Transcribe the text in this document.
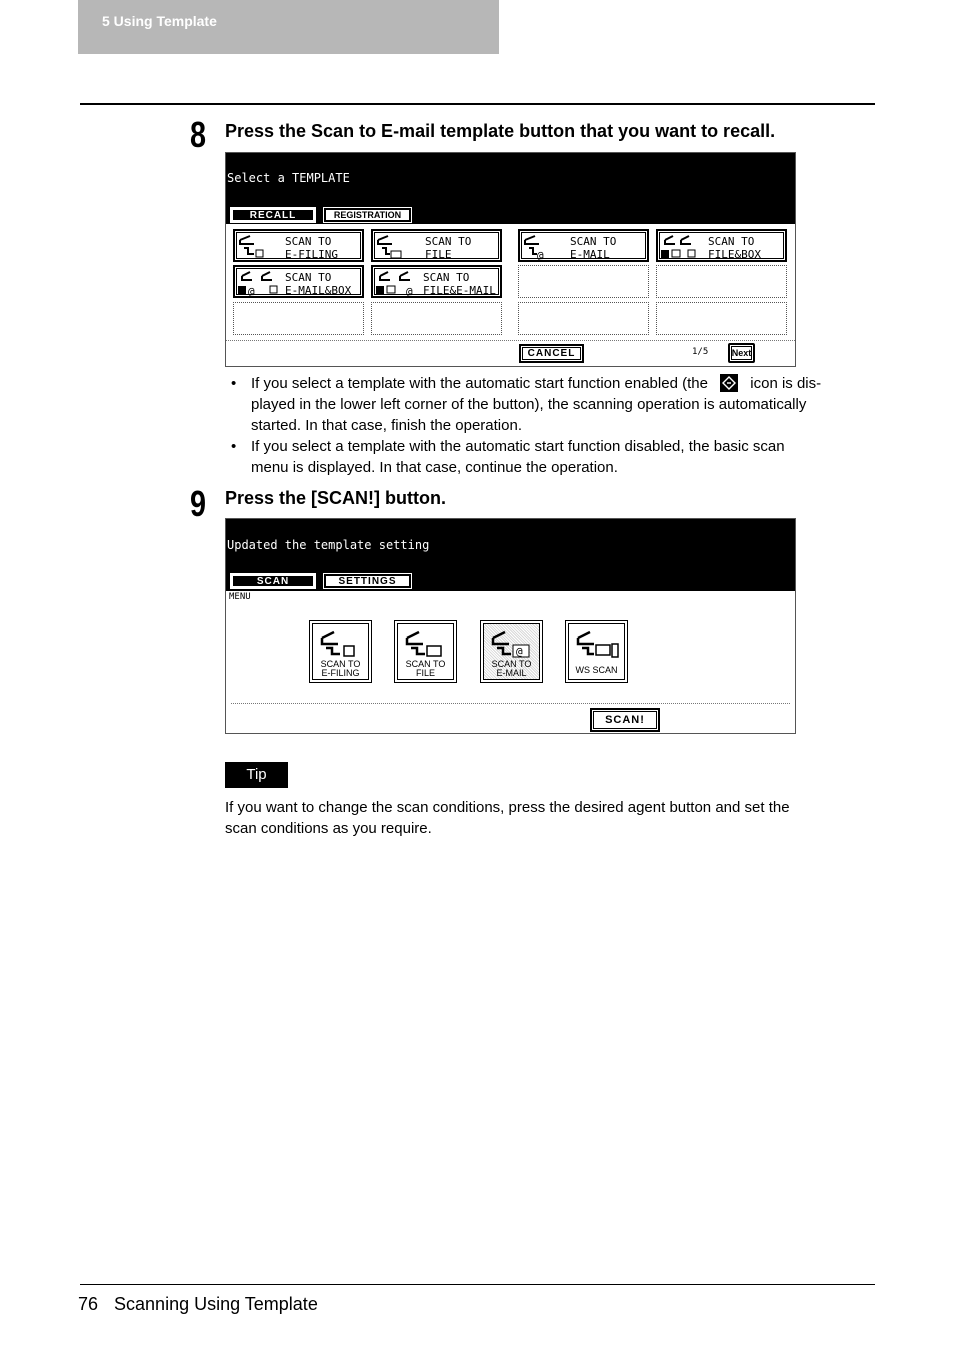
5 Using Template
8 Press the Scan to E-mail template button that you want to recall.
Select a TEMPLATE
RECALL	REGISTRATION
SCAN TO
E-FILING
SCAN TO
FILE	@
SCAN TO
E-MAIL
SCAN TO
FILE&BOX
@
SCAN TO
E-MAIL&BOX	@
SCAN TO
FILE&E-MAIL
CANCEL	1/5	Next
• If you select a template with the automatic start function enabled (the	icon is dis-
played in the lower left corner of the button), the scanning operation is automatically
started. In that case, finish the operation.
• If you select a template with the automatic start function disabled, the basic scan
menu is displayed. In that case, continue the operation.
9 Press the [SCAN!] button.
Updated the template setting
SCAN	SETTINGS
MENU
SCAN TO
E-FILING
SCAN TO
FILE
@
SCAN TO
E-MAIL	WS SCAN
SCAN!
Tip
If you want to change the scan conditions, press the desired agent button and set the
scan conditions as you require.
76 Scanning Using Template
